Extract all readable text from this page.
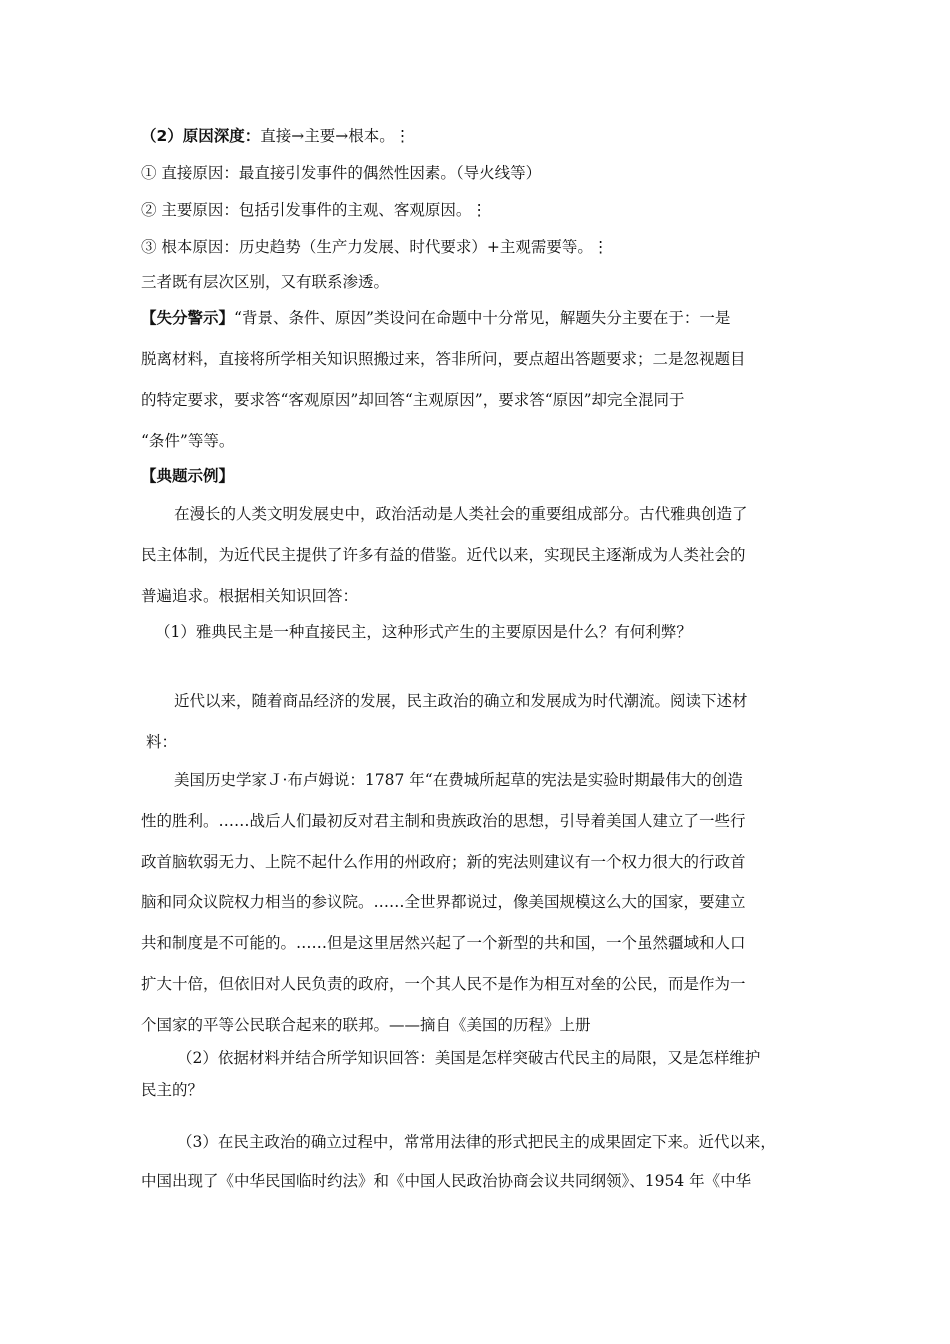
（2）原因深度：直接→主要→根本。⋮
① 直接原因：最直接引发事件的偶然性因素。（导火线等）
② 主要原因：包括引发事件的主观、客观原因。⋮
③ 根本原因：历史趋势（生产力发展、时代要求）+主观需要等。⋮
三者既有层次区别，又有联系渗透。
【失分警示】“背景、条件、原因”类设问在命题中十分常见，解题失分主要在于：一是
脱离材料，直接将所学相关知识照搬过来，答非所问，要点超出答题要求；二是忽视题目
的特定要求，要求答“客观原因”却回答“主观原因”，要求答“原因”却完全混同于
“条件”等等。
【典题示例】
在漫长的人类文明发展史中，政治活动是人类社会的重要组成部分。古代雅典创造了
民主体制，为近代民主提供了许多有益的借鉴。近代以来，实现民主逐渐成为人类社会的
普遍追求。根据相关知识回答：
（1）雅典民主是一种直接民主，这种形式产生的主要原因是什么？有何利弊？
近代以来，随着商品经济的发展，民主政治的确立和发展成为时代潮流。阅读下述材
料：
美国历史学家Ｊ·布卢姆说：1787 年“在费城所起草的宪法是实验时期最伟大的创造
性的胜利。……战后人们最初反对君主制和贵族政治的思想，引导着美国人建立了一些行
政首脑软弱无力、上院不起什么作用的州政府；新的宪法则建议有一个权力很大的行政首
脑和同众议院权力相当的参议院。……全世界都说过，像美国规模这么大的国家，要建立
共和制度是不可能的。……但是这里居然兴起了一个新型的共和国，一个虽然疆域和人口
扩大十倍，但依旧对人民负责的政府，一个其人民不是作为相互对垒的公民，而是作为一
个国家的平等公民联合起来的联邦。——摘自《美国的历程》上册
（2）依据材料并结合所学知识回答：美国是怎样突破古代民主的局限，又是怎样维护
民主的？
（3）在民主政治的确立过程中，常常用法律的形式把民主的成果固定下来。近代以来，
中国出现了《中华民国临时约法》和《中国人民政治协商会议共同纲领》、1954 年《中华
